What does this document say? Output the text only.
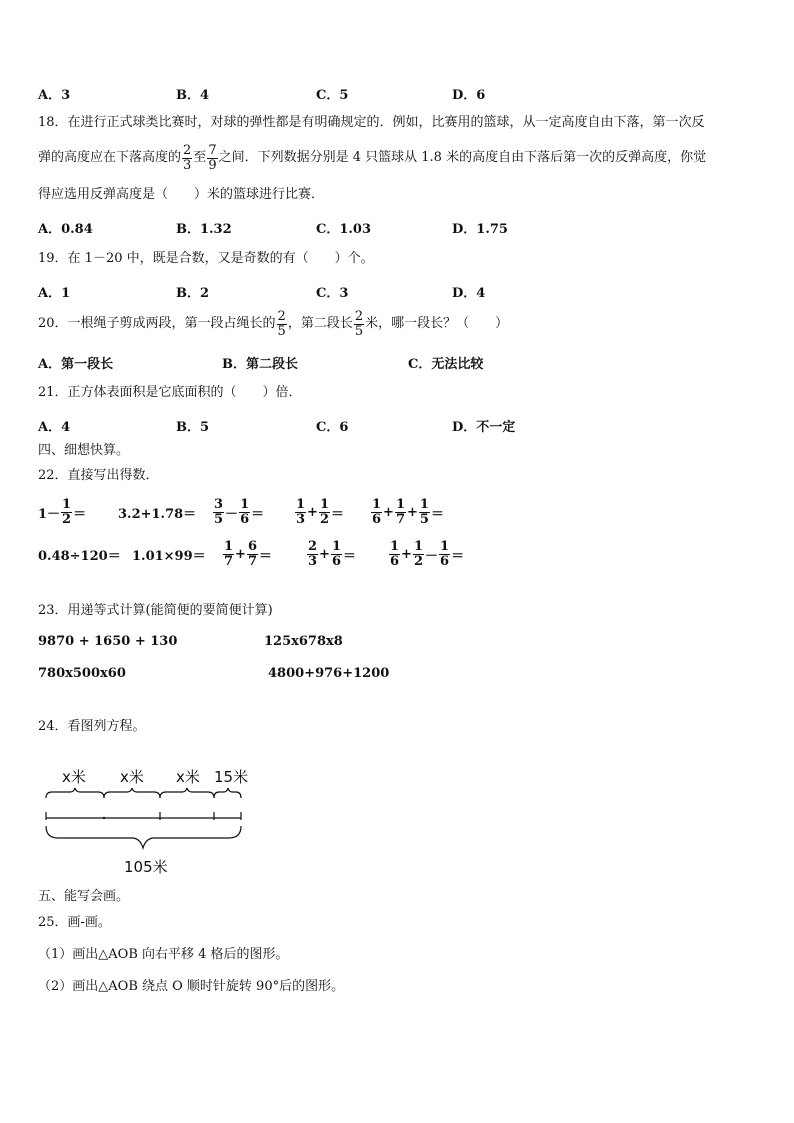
A．3	B．4	C．5	D．6
18．在进行正式球类比赛时，对球的弹性都是有明确规定的．例如，比赛用的篮球，从一定高度自由下落，第一次反
弹的高度应在下落高度的 $\frac{2}{3}$ 至 $\frac{7}{9}$ 之间．下列数据分别是 4 只篮球从 1.8 米的高度自由下落后第一次的反弹高度，你觉
得应选用反弹高度是（　　）米的篮球进行比赛．
A．0.84	B．1.32	C．1.03	D．1.75
19．在 1－20 中，既是合数，又是奇数的有（　　）个。
A．1	B．2	C．3	D．4
20．一根绳子剪成两段，第一段占绳长的 $\frac{2}{5}$ ，第二段长 $\frac{2}{5}$ 米，哪一段长？（　　）
A．第一段长	B．第二段长	C．无法比较
21．正方体表面积是它底面积的（　　）倍．
A．4	B．5	C．6	D．不一定
四、细想快算。
22．直接写出得数．
$1- \frac{1}{2} = 3.2+1.78= \frac{3}{5} - \frac{1}{6} = \frac{1}{3} + \frac{1}{2} = \frac{1}{6} + \frac{1}{7} + \frac{1}{5}$ ＝
$0.48\div 120= 1.01\times 99= \frac{1}{7} + \frac{6}{7}$ ＝	$\frac{2}{3} + \frac{1}{6}$ ＝	$\frac{1}{6} + \frac{1}{2} - \frac{1}{6}$ ＝
23．用递等式计算(能简便的要简便计算)
9870 + 1650 + 130	125x678x8
780x500x60	4800+976+1200
24．看图列方程。
x米 x米 x米 15米
105米
五、能写会画。
25．画-画。
（1）画出△AOB 向右平移 4 格后的图形。
（2）画出△AOB 绕点 O 顺时针旋转 90°后的图形。
